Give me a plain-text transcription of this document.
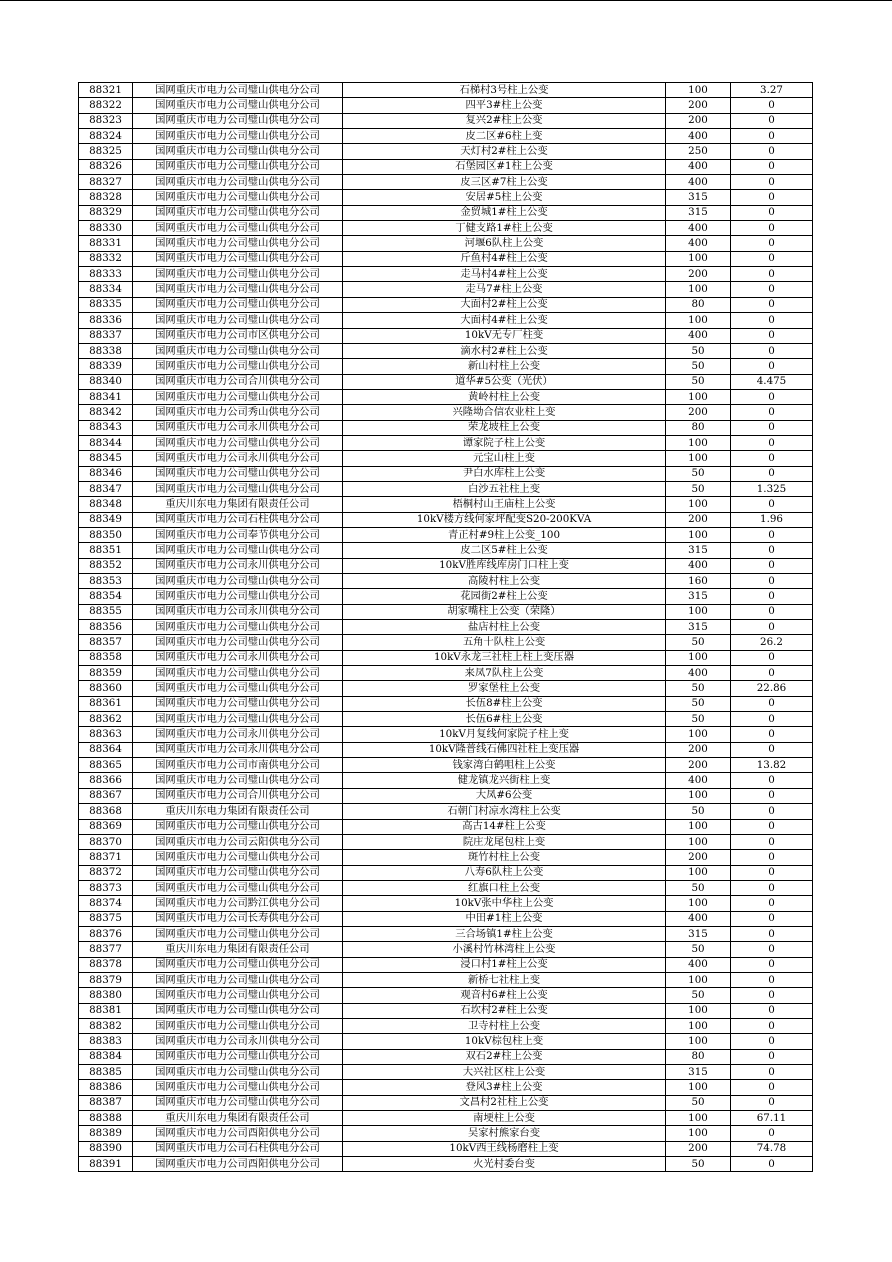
88321	国网重庆市电力公司璧山供电分公司	石梯村3号柱上公变	100	3.27
88322	国网重庆市电力公司璧山供电分公司	四平3#柱上公变	200	0
88323	国网重庆市电力公司璧山供电分公司	复兴2#柱上公变	200	0
88324	国网重庆市电力公司璧山供电分公司	皮二区#6柱上变	400	0
88325	国网重庆市电力公司璧山供电分公司	天灯村2#柱上公变	250	0
88326	国网重庆市电力公司璧山供电分公司	石堡园区#1柱上公变	400	0
88327	国网重庆市电力公司璧山供电分公司	皮三区#7柱上公变	400	0
88328	国网重庆市电力公司璧山供电分公司	安居#5柱上公变	315	0
88329	国网重庆市电力公司璧山供电分公司	金贸城1#柱上公变	315	0
88330	国网重庆市电力公司璧山供电分公司	丁健支路1#柱上公变	400	0
88331	国网重庆市电力公司璧山供电分公司	河堰6队柱上公变	400	0
88332	国网重庆市电力公司璧山供电分公司	斤鱼村4#柱上公变	100	0
88333	国网重庆市电力公司璧山供电分公司	走马村4#柱上公变	200	0
88334	国网重庆市电力公司璧山供电分公司	走马7#柱上公变	100	0
88335	国网重庆市电力公司璧山供电分公司	大面村2#柱上公变	80	0
88336	国网重庆市电力公司璧山供电分公司	大面村4#柱上公变	100	0
88337	国网重庆市电力公司市区供电分公司	10kV无专厂柱变	400	0
88338	国网重庆市电力公司璧山供电分公司	滴水村2#柱上公变	50	0
88339	国网重庆市电力公司璧山供电分公司	新山村柱上公变	50	0
88340	国网重庆市电力公司合川供电分公司	道华#5公变（光伏）	50	4.475
88341	国网重庆市电力公司璧山供电分公司	黄岭村柱上公变	100	0
88342	国网重庆市电力公司秀山供电分公司	兴隆坳合信农业柱上变	200	0
88343	国网重庆市电力公司永川供电分公司	荣龙坡柱上公变	80	0
88344	国网重庆市电力公司璧山供电分公司	谭家院子柱上公变	100	0
88345	国网重庆市电力公司永川供电分公司	元宝山柱上变	100	0
88346	国网重庆市电力公司璧山供电分公司	尹白水库柱上公变	50	0
88347	国网重庆市电力公司璧山供电分公司	白沙五社柱上变	50	1.325
88348	重庆川东电力集团有限责任公司	梧桐村山王庙柱上公变	100	0
88349	国网重庆市电力公司石柱供电分公司	10kV楼方线何家坪配变S20-200KVA	200	1.96
88350	国网重庆市电力公司奉节供电分公司	青正村#9柱上公变_100	100	0
88351	国网重庆市电力公司璧山供电分公司	皮二区5#柱上公变	315	0
88352	国网重庆市电力公司永川供电分公司	10kV胜库线库房门口柱上变	400	0
88353	国网重庆市电力公司璧山供电分公司	高陵村柱上公变	160	0
88354	国网重庆市电力公司璧山供电分公司	花园街2#柱上公变	315	0
88355	国网重庆市电力公司永川供电分公司	胡家嘴柱上公变（荣隆）	100	0
88356	国网重庆市电力公司璧山供电分公司	盐店村柱上公变	315	0
88357	国网重庆市电力公司璧山供电分公司	五角十队柱上公变	50	26.2
88358	国网重庆市电力公司永川供电分公司	10kV永龙三社柱上柱上变压器	100	0
88359	国网重庆市电力公司璧山供电分公司	来凤7队柱上公变	400	0
88360	国网重庆市电力公司璧山供电分公司	罗家堡柱上公变	50	22.86
88361	国网重庆市电力公司璧山供电分公司	长伍8#柱上公变	50	0
88362	国网重庆市电力公司璧山供电分公司	长伍6#柱上公变	50	0
88363	国网重庆市电力公司永川供电分公司	10kV月复线何家院子柱上变	100	0
88364	国网重庆市电力公司永川供电分公司	10kV隆普线石佛四社柱上变压器	200	0
88365	国网重庆市电力公司市南供电分公司	钱家湾白鹤咀柱上公变	200	13.82
88366	国网重庆市电力公司璧山供电分公司	健龙镇龙兴街柱上变	400	0
88367	国网重庆市电力公司合川供电分公司	大凤#6公变	100	0
88368	重庆川东电力集团有限责任公司	石朝门村凉水湾柱上公变	50	0
88369	国网重庆市电力公司璧山供电分公司	高古14#柱上公变	100	0
88370	国网重庆市电力公司云阳供电分公司	院庄龙尾包柱上变	100	0
88371	国网重庆市电力公司璧山供电分公司	斑竹村柱上公变	200	0
88372	国网重庆市电力公司璧山供电分公司	八寿6队柱上公变	100	0
88373	国网重庆市电力公司璧山供电分公司	红旗口柱上公变	50	0
88374	国网重庆市电力公司黔江供电分公司	10kV张中华柱上公变	100	0
88375	国网重庆市电力公司长寿供电分公司	中田#1柱上公变	400	0
88376	国网重庆市电力公司璧山供电分公司	三合场镇1#柱上公变	315	0
88377	重庆川东电力集团有限责任公司	小溪村竹林湾柱上公变	50	0
88378	国网重庆市电力公司璧山供电分公司	浸口村1#柱上公变	400	0
88379	国网重庆市电力公司璧山供电分公司	新桥七社柱上变	100	0
88380	国网重庆市电力公司璧山供电分公司	观音村6#柱上公变	50	0
88381	国网重庆市电力公司璧山供电分公司	石坎村2#柱上公变	100	0
88382	国网重庆市电力公司璧山供电分公司	卫寺村柱上公变	100	0
88383	国网重庆市电力公司永川供电分公司	10kV棕包柱上变	100	0
88384	国网重庆市电力公司璧山供电分公司	双石2#柱上公变	80	0
88385	国网重庆市电力公司璧山供电分公司	大兴社区柱上公变	315	0
88386	国网重庆市电力公司璧山供电分公司	登风3#柱上公变	100	0
88387	国网重庆市电力公司璧山供电分公司	文昌村2社柱上公变	50	0
88388	重庆川东电力集团有限责任公司	南埂柱上公变	100	67.11
88389	国网重庆市电力公司酉阳供电分公司	吴家村熊家台变	100	0
88390	国网重庆市电力公司石柱供电分公司	10kV西王线杨磨柱上变	200	74.78
88391	国网重庆市电力公司酉阳供电分公司	火光村委台变	50	0
